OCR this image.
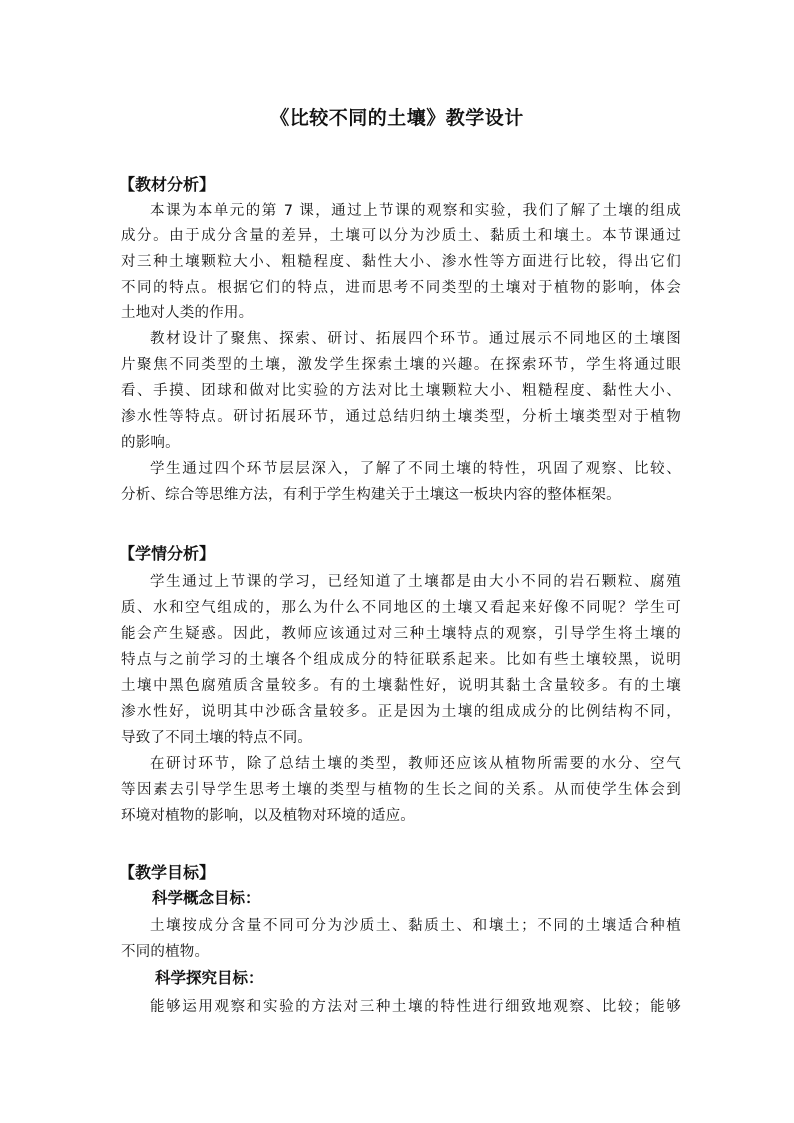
《比较不同的土壤》教学设计
【教材分析】
本课为本单元的第 7 课，通过上节课的观察和实验，我们了解了土壤的组成
成分。由于成分含量的差异，土壤可以分为沙质土、黏质土和壤土。本节课通过
对三种土壤颗粒大小、粗糙程度、黏性大小、渗水性等方面进行比较，得出它们
不同的特点。根据它们的特点，进而思考不同类型的土壤对于植物的影响，体会
土地对人类的作用。
教材设计了聚焦、探索、研讨、拓展四个环节。通过展示不同地区的土壤图
片聚焦不同类型的土壤，激发学生探索土壤的兴趣。在探索环节，学生将通过眼
看、手摸、团球和做对比实验的方法对比土壤颗粒大小、粗糙程度、黏性大小、
渗水性等特点。研讨拓展环节，通过总结归纳土壤类型，分析土壤类型对于植物
的影响。
学生通过四个环节层层深入，了解了不同土壤的特性，巩固了观察、比较、
分析、综合等思维方法，有利于学生构建关于土壤这一板块内容的整体框架。
【学情分析】
学生通过上节课的学习，已经知道了土壤都是由大小不同的岩石颗粒、腐殖
质、水和空气组成的，那么为什么不同地区的土壤又看起来好像不同呢？学生可
能会产生疑惑。因此，教师应该通过对三种土壤特点的观察，引导学生将土壤的
特点与之前学习的土壤各个组成成分的特征联系起来。比如有些土壤较黑，说明
土壤中黑色腐殖质含量较多。有的土壤黏性好，说明其黏土含量较多。有的土壤
渗水性好，说明其中沙砾含量较多。正是因为土壤的组成成分的比例结构不同，
导致了不同土壤的特点不同。
在研讨环节，除了总结土壤的类型，教师还应该从植物所需要的水分、空气
等因素去引导学生思考土壤的类型与植物的生长之间的关系。从而使学生体会到
环境对植物的影响，以及植物对环境的适应。
【教学目标】
科学概念目标：
土壤按成分含量不同可分为沙质土、黏质土、和壤土；不同的土壤适合种植
不同的植物。
科学探究目标：
能够运用观察和实验的方法对三种土壤的特性进行细致地观察、比较；能够
